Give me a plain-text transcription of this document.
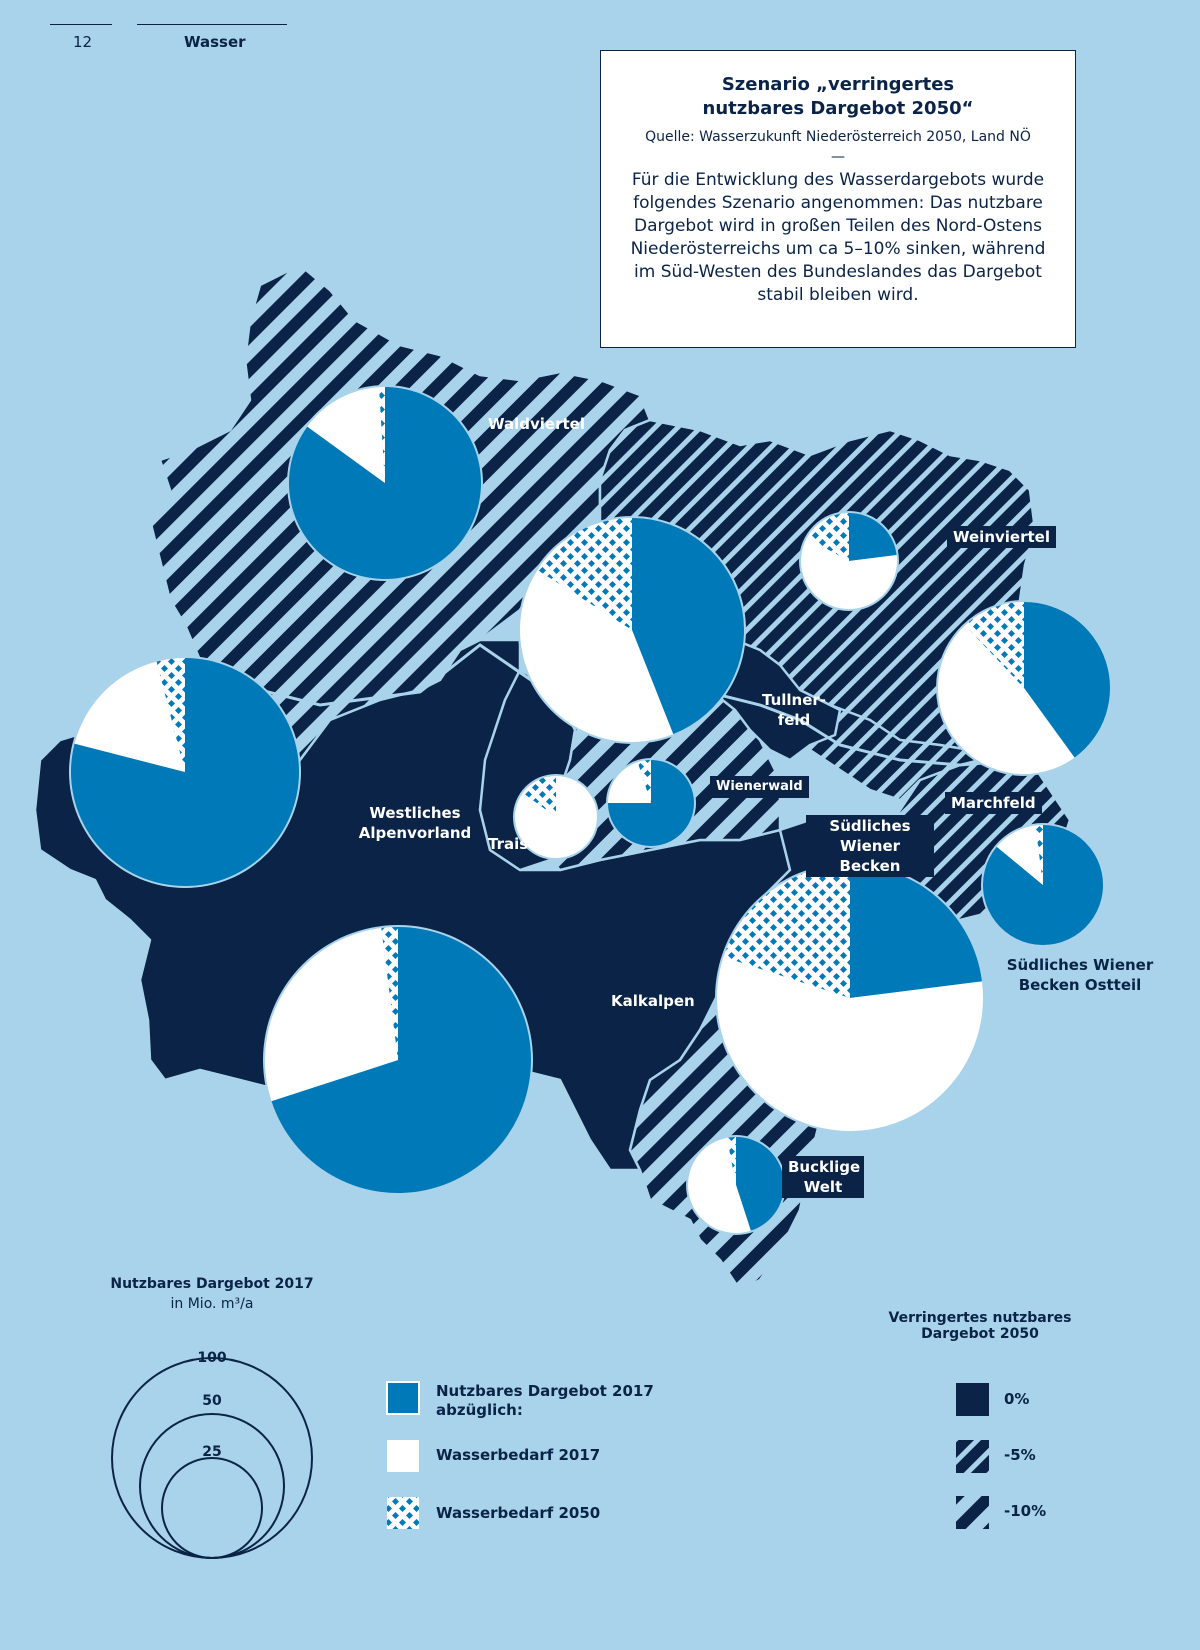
12	Wasser
Szenario „verringertes nutzbares Dargebot 2050“
Quelle: Wasserzukunft Niederösterreich 2050, Land NÖ
—
Für die Entwicklung des Wasserdargebots wurde folgendes Szenario angenommen: Das nutzbare Dargebot wird in großen Teilen des Nord-Ostens Niederösterreichs um ca 5–10% sinken, während im Süd-Westen des Bundeslandes das Dargebot stabil bleiben wird.
Waldviertel
Weinviertel
Tullner- feld
Wienerwald
Marchfeld
Westliches Alpenvorland
Traisental
Südliches Wiener Becken
Kalkalpen
Südliches Wiener Becken Ostteil
Bucklige Welt
Nutzbares Dargebot 2017
in Mio. m³/a
100
50
25
Nutzbares Dargebot 2017 abzüglich:
Wasserbedarf 2017
Wasserbedarf 2050
Verringertes nutzbares Dargebot 2050
0%
-5%
-10%
